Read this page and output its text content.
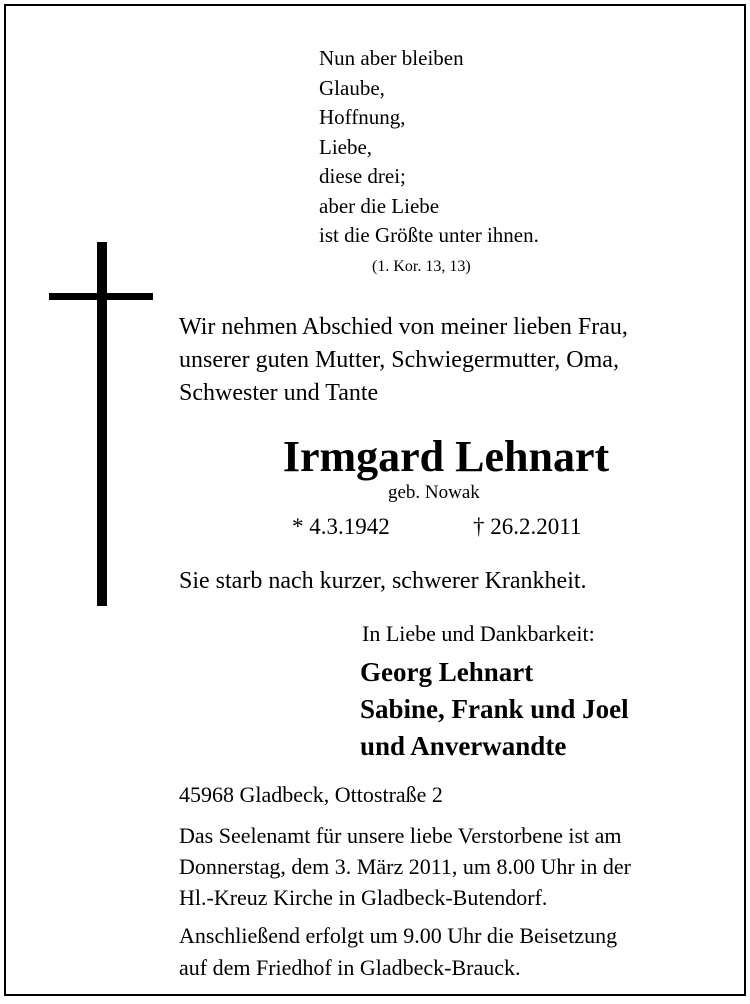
Nun aber bleiben
Glaube,
Hoffnung,
Liebe,
diese drei;
aber die Liebe
ist die Größte unter ihnen.
(1. Kor. 13, 13)
Wir nehmen Abschied von meiner lieben Frau,
unserer guten Mutter, Schwiegermutter, Oma,
Schwester und Tante
Irmgard Lehnart
geb. Nowak
* 4.3.1942	† 26.2.2011
Sie starb nach kurzer, schwerer Krankheit.
In Liebe und Dankbarkeit:
Georg Lehnart
Sabine, Frank und Joel
und Anverwandte
45968 Gladbeck, Ottostraße 2
Das Seelenamt für unsere liebe Verstorbene ist am
Donnerstag, dem 3. März 2011, um 8.00 Uhr in der
Hl.-Kreuz Kirche in Gladbeck-Butendorf.
Anschließend erfolgt um 9.00 Uhr die Beisetzung
auf dem Friedhof in Gladbeck-Brauck.
